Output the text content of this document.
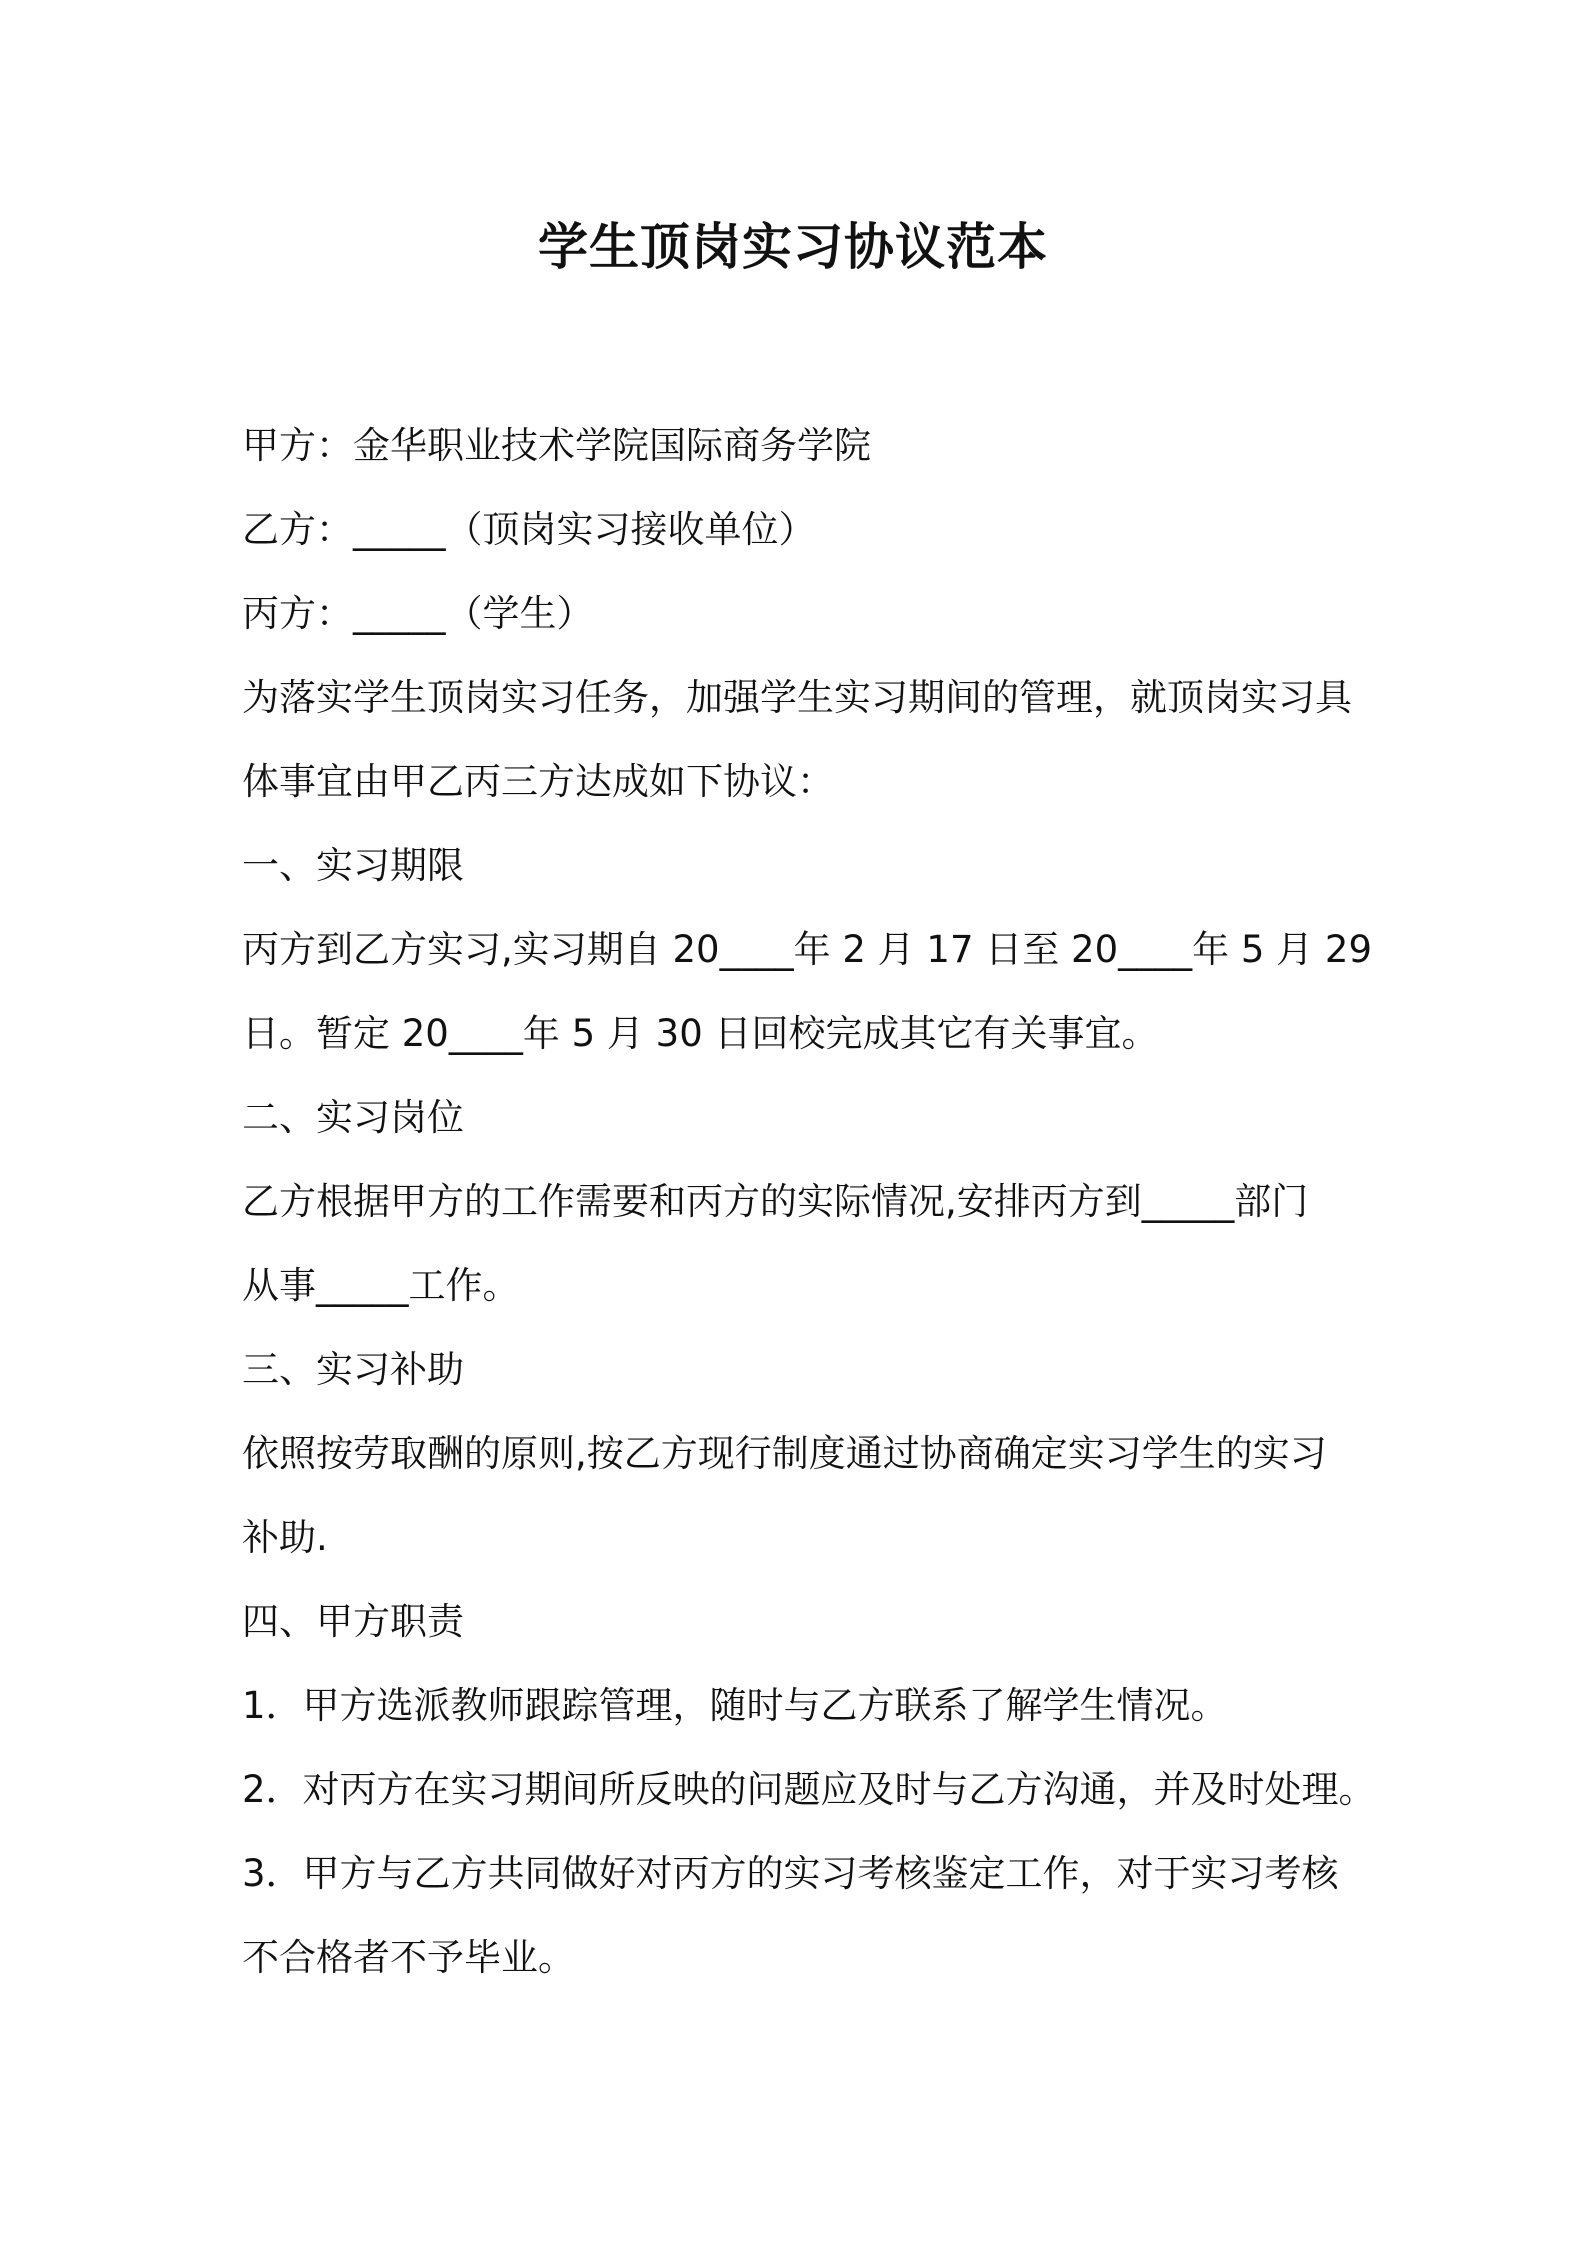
学生顶岗实习协议范本

甲方：金华职业技术学院国际商务学院

乙方：_____（顶岗实习接收单位）

丙方：_____（学生）

为落实学生顶岗实习任务，加强学生实习期间的管理，就顶岗实习具

体事宜由甲乙丙三方达成如下协议：

一、实习期限

丙方到乙方实习,实习期自 20____年 2 月 17 日至 20____年 5 月 29

日。暂定 20____年 5 月 30 日回校完成其它有关事宜。

二、实习岗位

乙方根据甲方的工作需要和丙方的实际情况,安排丙方到_____部门

从事_____工作。

三、实习补助

依照按劳取酬的原则,按乙方现行制度通过协商确定实习学生的实习

补助.

四、甲方职责

1．甲方选派教师跟踪管理，随时与乙方联系了解学生情况。

2．对丙方在实习期间所反映的问题应及时与乙方沟通，并及时处理。

3．甲方与乙方共同做好对丙方的实习考核鉴定工作，对于实习考核

不合格者不予毕业。
